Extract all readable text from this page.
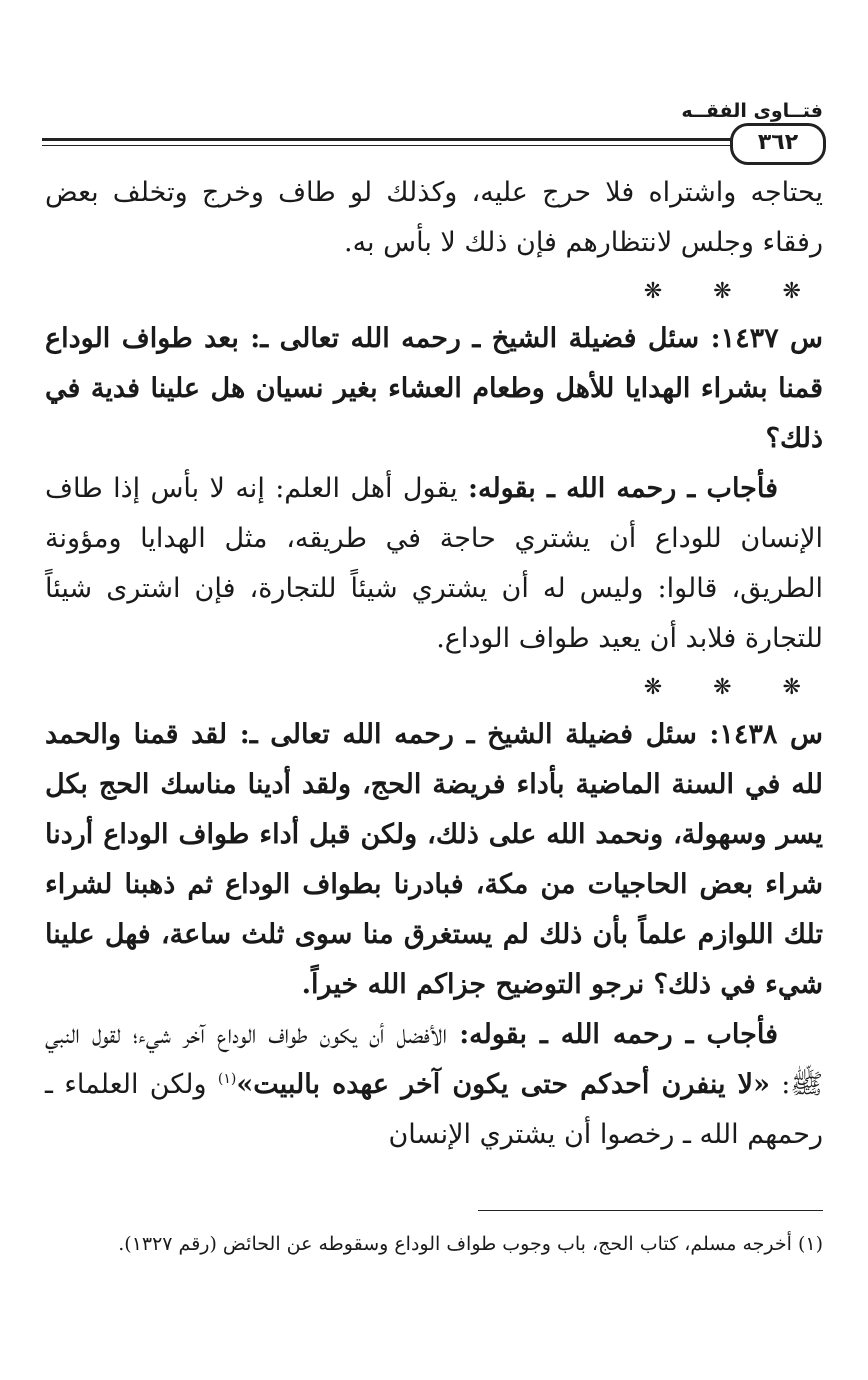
فتــاوى الفقــه
٣٦٢

يحتاجه واشتراه فلا حرج عليه، وكذلك لو طاف وخرج وتخلف بعض رفقاء وجلس لانتظارهم فإن ذلك لا بأس به.

❋ ❋ ❋

س ١٤٣٧: سئل فضيلة الشيخ ـ رحمه الله تعالى ـ: بعد طواف الوداع قمنا بشراء الهدايا للأهل وطعام العشاء بغير نسيان هل علينا فدية في ذلك؟

فأجاب ـ رحمه الله ـ بقوله: يقول أهل العلم: إنه لا بأس إذا طاف الإنسان للوداع أن يشتري حاجة في طريقه، مثل الهدايا ومؤونة الطريق، قالوا: وليس له أن يشتري شيئاً للتجارة، فإن اشترى شيئاً للتجارة فلابد أن يعيد طواف الوداع.

❋ ❋ ❋

س ١٤٣٨: سئل فضيلة الشيخ ـ رحمه الله تعالى ـ: لقد قمنا والحمد لله في السنة الماضية بأداء فريضة الحج، ولقد أدينا مناسك الحج بكل يسر وسهولة، ونحمد الله على ذلك، ولكن قبل أداء طواف الوداع أردنا شراء بعض الحاجيات من مكة، فبادرنا بطواف الوداع ثم ذهبنا لشراء تلك اللوازم علماً بأن ذلك لم يستغرق منا سوى ثلث ساعة، فهل علينا شيء في ذلك؟ نرجو التوضيح جزاكم الله خيراً.

فأجاب ـ رحمه الله ـ بقوله: الأفضل أن يكون طواف الوداع آخر شيء؛ لقول النبي ﷺ: «لا ينفرن أحدكم حتى يكون آخر عهده بالبيت»$^{(١)}$ ولكن العلماء ـ رحمهم الله ـ رخصوا أن يشتري الإنسان

(١) أخرجه مسلم، كتاب الحج، باب وجوب طواف الوداع وسقوطه عن الحائض (رقم ١٣٢٧).
